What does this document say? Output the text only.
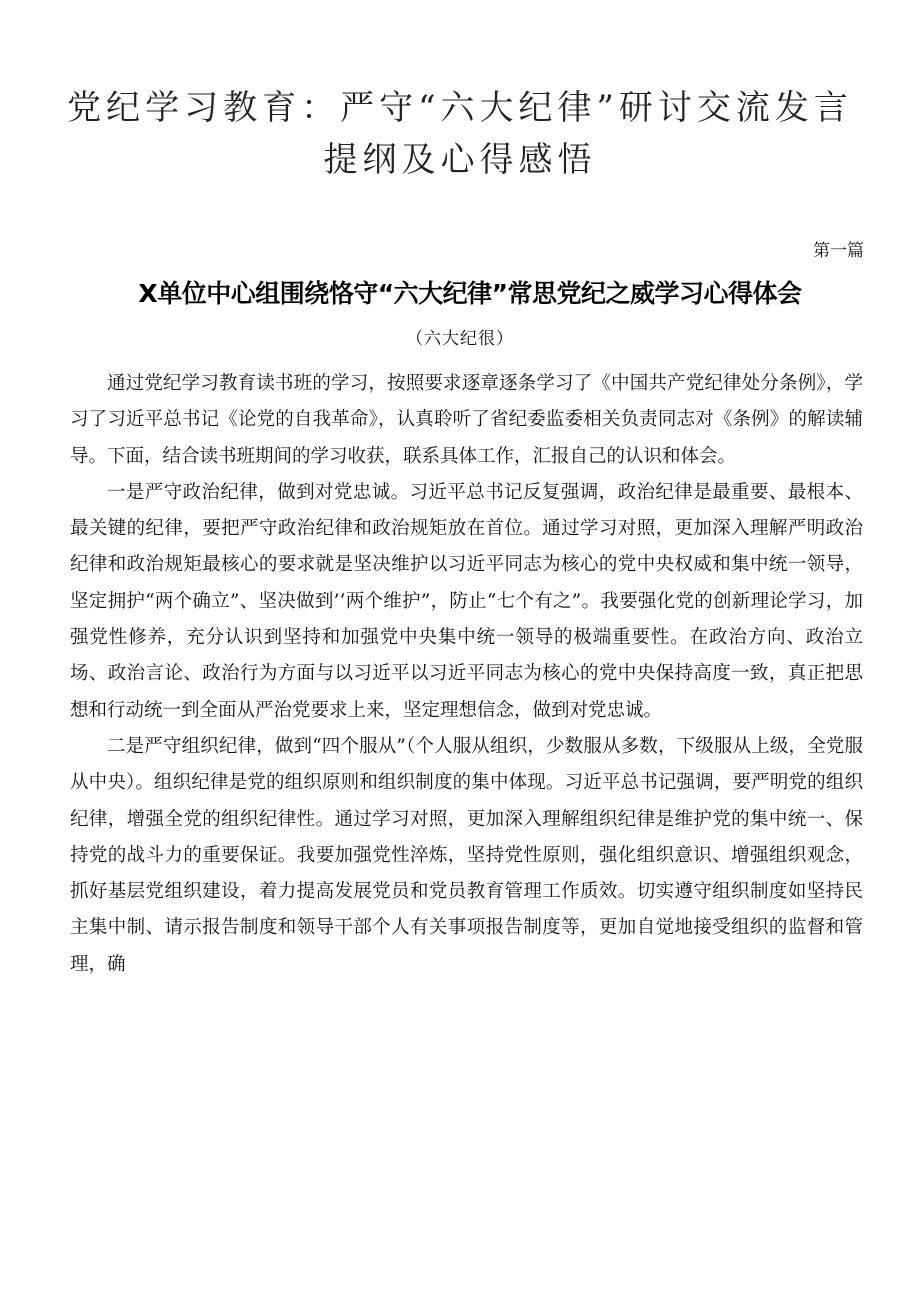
党纪学习教育：严守“六大纪律”研讨交流发言提纲及心得感悟
第一篇
X单位中心组围绕恪守“六大纪律”常思党纪之威学习心得体会
（六大纪很）

通过党纪学习教育读书班的学习，按照要求逐章逐条学习了《中国共产党纪律处分条例》，学习了习近平总书记《论党的自我革命》，认真聆听了省纪委监委相关负责同志对《条例》的解读辅导。下面，结合读书班期间的学习收获，联系具体工作，汇报自己的认识和体会。

一是严守政治纪律，做到对党忠诚。习近平总书记反复强调，政治纪律是最重要、最根本、最关键的纪律，要把严守政治纪律和政治规矩放在首位。通过学习对照，更加深入理解严明政治纪律和政治规矩最核心的要求就是坚决维护以习近平同志为核心的党中央权威和集中统一领导，坚定拥护“两个确立”、坚决做到’‘两个维护”，防止“七个有之”。我要强化党的创新理论学习，加强党性修养，充分认识到坚持和加强党中央集中统一领导的极端重要性。在政治方向、政治立场、政治言论、政治行为方面与以习近平以习近平同志为核心的党中央保持高度一致，真正把思想和行动统一到全面从严治党要求上来，坚定理想信念，做到对党忠诚。

二是严守组织纪律，做到“四个服从”（个人服从组织，少数服从多数，下级服从上级，全党服从中央）。组织纪律是党的组织原则和组织制度的集中体现。习近平总书记强调，要严明党的组织纪律，增强全党的组织纪律性。通过学习对照，更加深入理解组织纪律是维护党的集中统一、保持党的战斗力的重要保证。我要加强党性淬炼，坚持党性原则，强化组织意识、增强组织观念，抓好基层党组织建设，着力提高发展党员和党员教育管理工作质效。切实遵守组织制度如坚持民主集中制、请示报告制度和领导干部个人有关事项报告制度等，更加自觉地接受组织的监督和管理，确
